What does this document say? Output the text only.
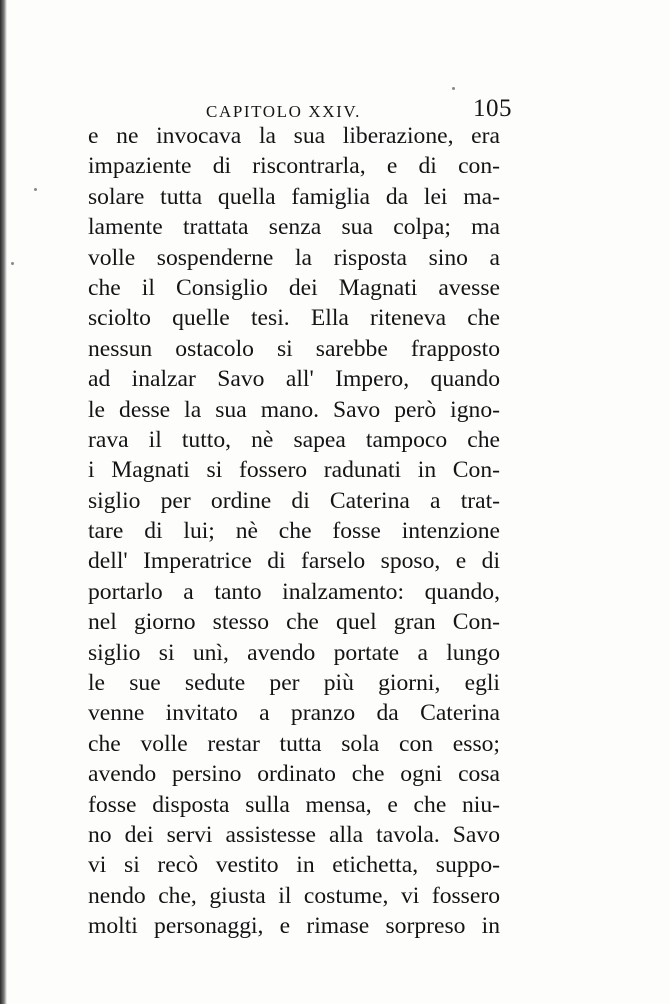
CAPITOLO XXIV.	105
e ne invocava la sua liberazione, era
impaziente di riscontrarla, e di con-
solare tutta quella famiglia da lei ma-
lamente trattata senza sua colpa; ma
volle sospenderne la risposta sino a
che il Consiglio dei Magnati avesse
sciolto quelle tesi. Ella riteneva che
nessun ostacolo si sarebbe frapposto
ad inalzar Savo all' Impero, quando
le desse la sua mano. Savo però igno-
rava il tutto, nè sapea tampoco che
i Magnati si fossero radunati in Con-
siglio per ordine di Caterina a trat-
tare di lui; nè che fosse intenzione
dell' Imperatrice di farselo sposo, e di
portarlo a tanto inalzamento: quando,
nel giorno stesso che quel gran Con-
siglio si unì, avendo portate a lungo
le sue sedute per più giorni, egli
venne invitato a pranzo da Caterina
che volle restar tutta sola con esso;
avendo persino ordinato che ogni cosa
fosse disposta sulla mensa, e che niu-
no dei servi assistesse alla tavola. Savo
vi si recò vestito in etichetta, suppo-
nendo che, giusta il costume, vi fossero
molti personaggi, e rimase sorpreso in
